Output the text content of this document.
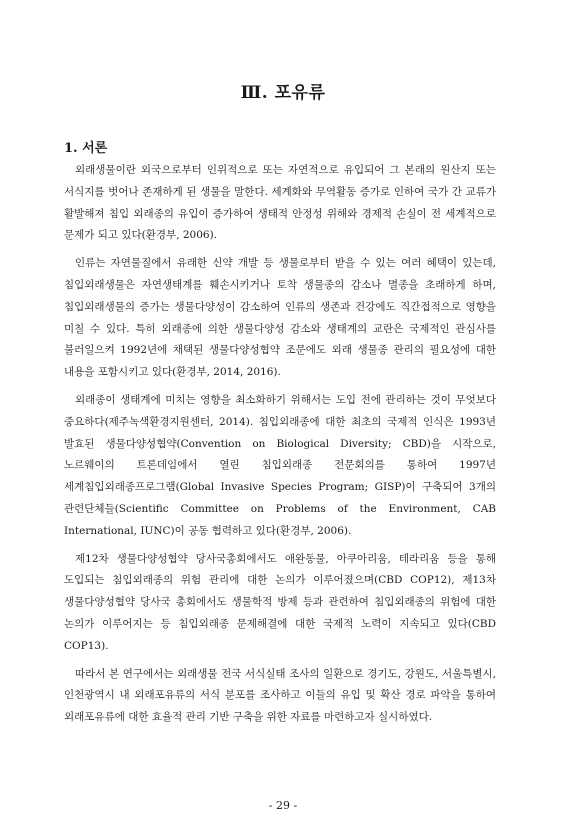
Ⅲ. 포유류
1. 서론

외래생물이란 외국으로부터 인위적으로 또는 자연적으로 유입되어 그 본래의 원산지 또는 서식지를 벗어나 존재하게 된 생물을 말한다. 세계화와 무역활동 증가로 인하여 국가 간 교류가 활발해져 침입 외래종의 유입이 증가하여 생태적 안정성 위해와 경제적 손실이 전 세계적으로 문제가 되고 있다(환경부, 2006).

인류는 자연물질에서 유래한 신약 개발 등 생물로부터 받을 수 있는 여러 혜택이 있는데, 침입외래생물은 자연생태계를 훼손시키거나 토착 생물종의 감소나 멸종을 초래하게 하며, 침입외래생물의 증가는 생물다양성이 감소하여 인류의 생존과 건강에도 직간접적으로 영향을 미칠 수 있다. 특히 외래종에 의한 생물다양성 감소와 생태계의 교란은 국제적인 관심사를 불러일으켜 1992년에 채택된 생물다양성협약 조문에도 외래 생물종 관리의 필요성에 대한 내용을 포함시키고 있다(환경부, 2014, 2016).

외래종이 생태계에 미치는 영향을 최소화하기 위해서는 도입 전에 관리하는 것이 무엇보다 중요하다(제주녹색환경지원센터, 2014). 침입외래종에 대한 최초의 국제적 인식은 1993년 발효된 생물다양성협약(Convention on Biological Diversity; CBD)을 시작으로, 노르웨이의 트론데임에서 열린 침입외래종 전문회의를 통하여 1997년 세계침입외래종프로그램(Global Invasive Species Program; GISP)이 구축되어 3개의 관련단체들(Scientific Committee on Problems of the Environment, CAB International, IUNC)이 공동 협력하고 있다(환경부, 2006).

제12차 생물다양성협약 당사국총회에서도 애완동물, 아쿠아리움, 테라리움 등을 통해 도입되는 침입외래종의 위험 관리에 대한 논의가 이루어졌으며(CBD COP12), 제13차 생물다양성협약 당사국 총회에서도 생물학적 방제 등과 관련하여 침입외래종의 위험에 대한 논의가 이루어지는 등 침입외래종 문제해결에 대한 국제적 노력이 지속되고 있다(CBD COP13).

따라서 본 연구에서는 외래생물 전국 서식실태 조사의 일환으로 경기도, 강원도, 서울특별시, 인천광역시 내 외래포유류의 서식 분포를 조사하고 이들의 유입 및 확산 경로 파악을 통하여 외래포유류에 대한 효율적 관리 기반 구축을 위한 자료를 마련하고자 실시하였다.

- 29 -
